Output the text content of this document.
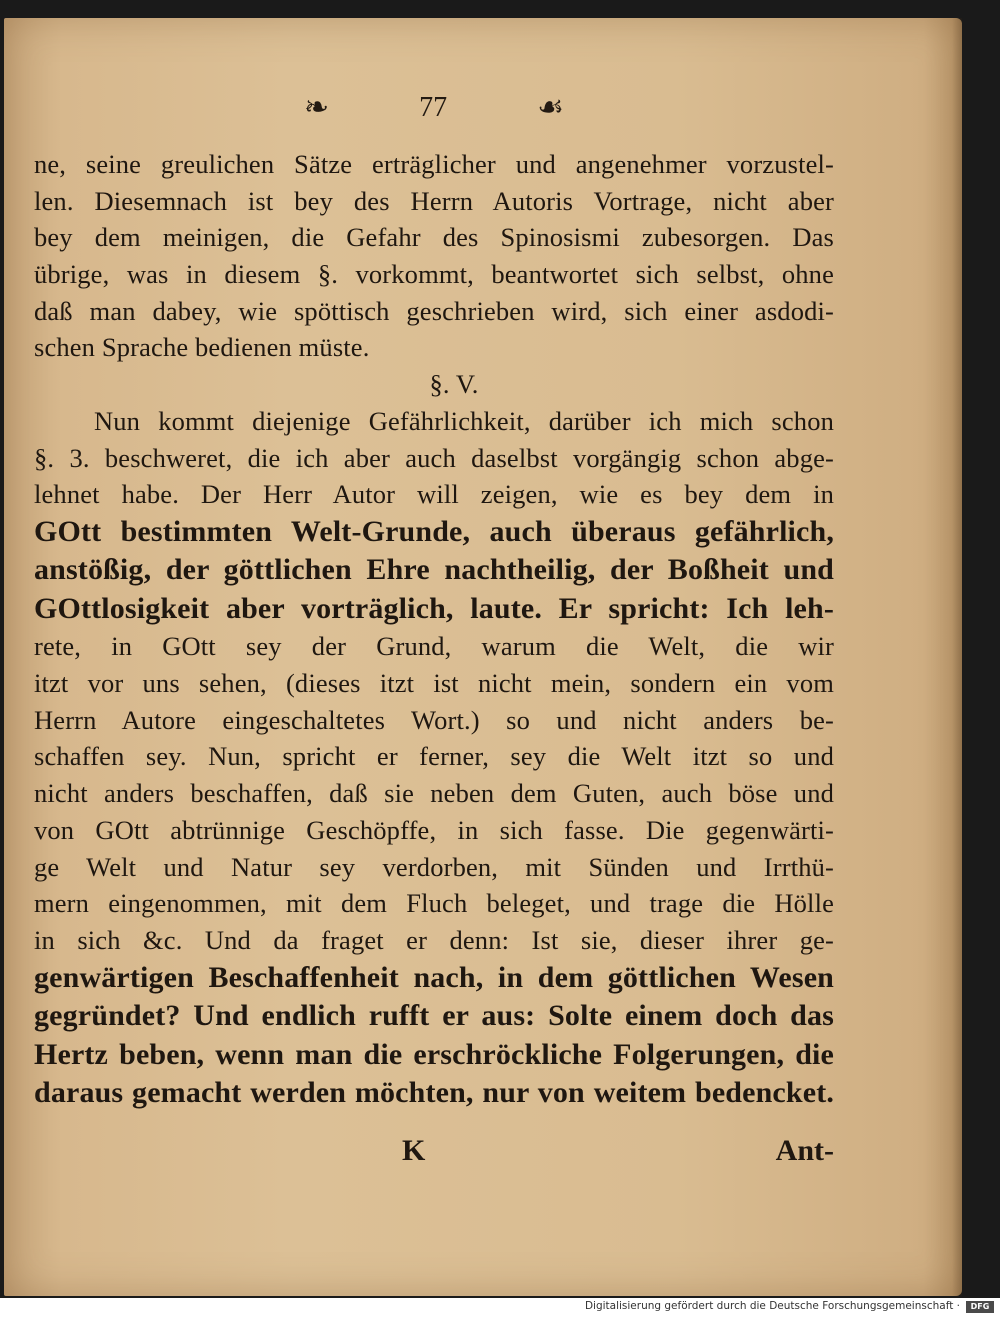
❧	77	☙
ne, seine greulichen Sätze erträglicher und angenehmer vorzustel-
len. Diesemnach ist bey des Herrn Autoris Vortrage, nicht aber
bey dem meinigen, die Gefahr des Spinosismi zubesorgen. Das
übrige, was in diesem §. vorkommt, beantwortet sich selbst, ohne
daß man dabey, wie spöttisch geschrieben wird, sich einer asdodi-
schen Sprache bedienen müste.
§. V.
Nun kommt diejenige Gefährlichkeit, darüber ich mich schon
§. 3. beschweret, die ich aber auch daselbst vorgängig schon abge-
lehnet habe. Der Herr Autor will zeigen, wie es bey dem in
GOtt bestimmten Welt-Grunde, auch überaus gefährlich,
anstößig, der göttlichen Ehre nachtheilig, der Boßheit und
GOttlosigkeit aber vorträglich, laute. Er spricht: Ich leh-
rete, in GOtt sey der Grund, warum die Welt, die wir
itzt vor uns sehen, (dieses itzt ist nicht mein, sondern ein vom
Herrn Autore eingeschaltetes Wort.) so und nicht anders be-
schaffen sey. Nun, spricht er ferner, sey die Welt itzt so und
nicht anders beschaffen, daß sie neben dem Guten, auch böse und
von GOtt abtrünnige Geschöpffe, in sich fasse. Die gegenwärti-
ge Welt und Natur sey verdorben, mit Sünden und Irrthü-
mern eingenommen, mit dem Fluch beleget, und trage die Hölle
in sich &c. Und da fraget er denn: Ist sie, dieser ihrer ge-
genwärtigen Beschaffenheit nach, in dem göttlichen Wesen
gegründet? Und endlich rufft er aus: Solte einem doch das
Hertz beben, wenn man die erschröckliche Folgerungen, die
daraus gemacht werden möchten, nur von weitem bedencket.
K	Ant-
Digitalisierung gefördert durch die Deutsche Forschungsgemeinschaft ·	DFG
